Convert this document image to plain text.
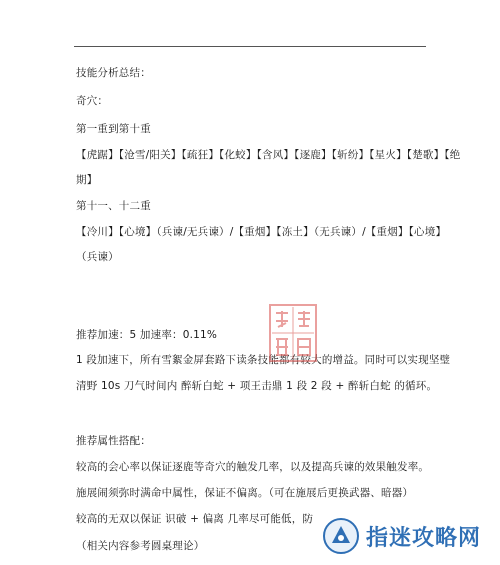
技能分析总结：
奇穴：
第一重到第十重
【虎踞】【沧雪/阳关】【疏狂】【化蛟】【含风】【逐鹿】【斩纷】【星火】【楚歌】【绝
期】
第十一、十二重
【冷川】【心境】（兵谏/无兵谏）/【重烟】【冻土】（无兵谏）/【重烟】【心境】
（兵谏）
推荐加速：5 加速率：0.11%
1 段加速下，所有雪絮金屏套路下读条技能都有较大的增益。同时可以实现坚璧
清野 10s 刀气时间内 醉斩白蛇 + 项王击鼎 1 段 2 段 + 醉斩白蛇 的循环。
推荐属性搭配：
较高的会心率以保证逐鹿等奇穴的触发几率，以及提高兵谏的效果触发率。
施展闹须弥时满命中属性，保证不偏离。（可在施展后更换武器、暗器）
较高的无双以保证 识破 + 偏离 几率尽可能低，防
（相关内容参考圆桌理论）	指迷攻略网
